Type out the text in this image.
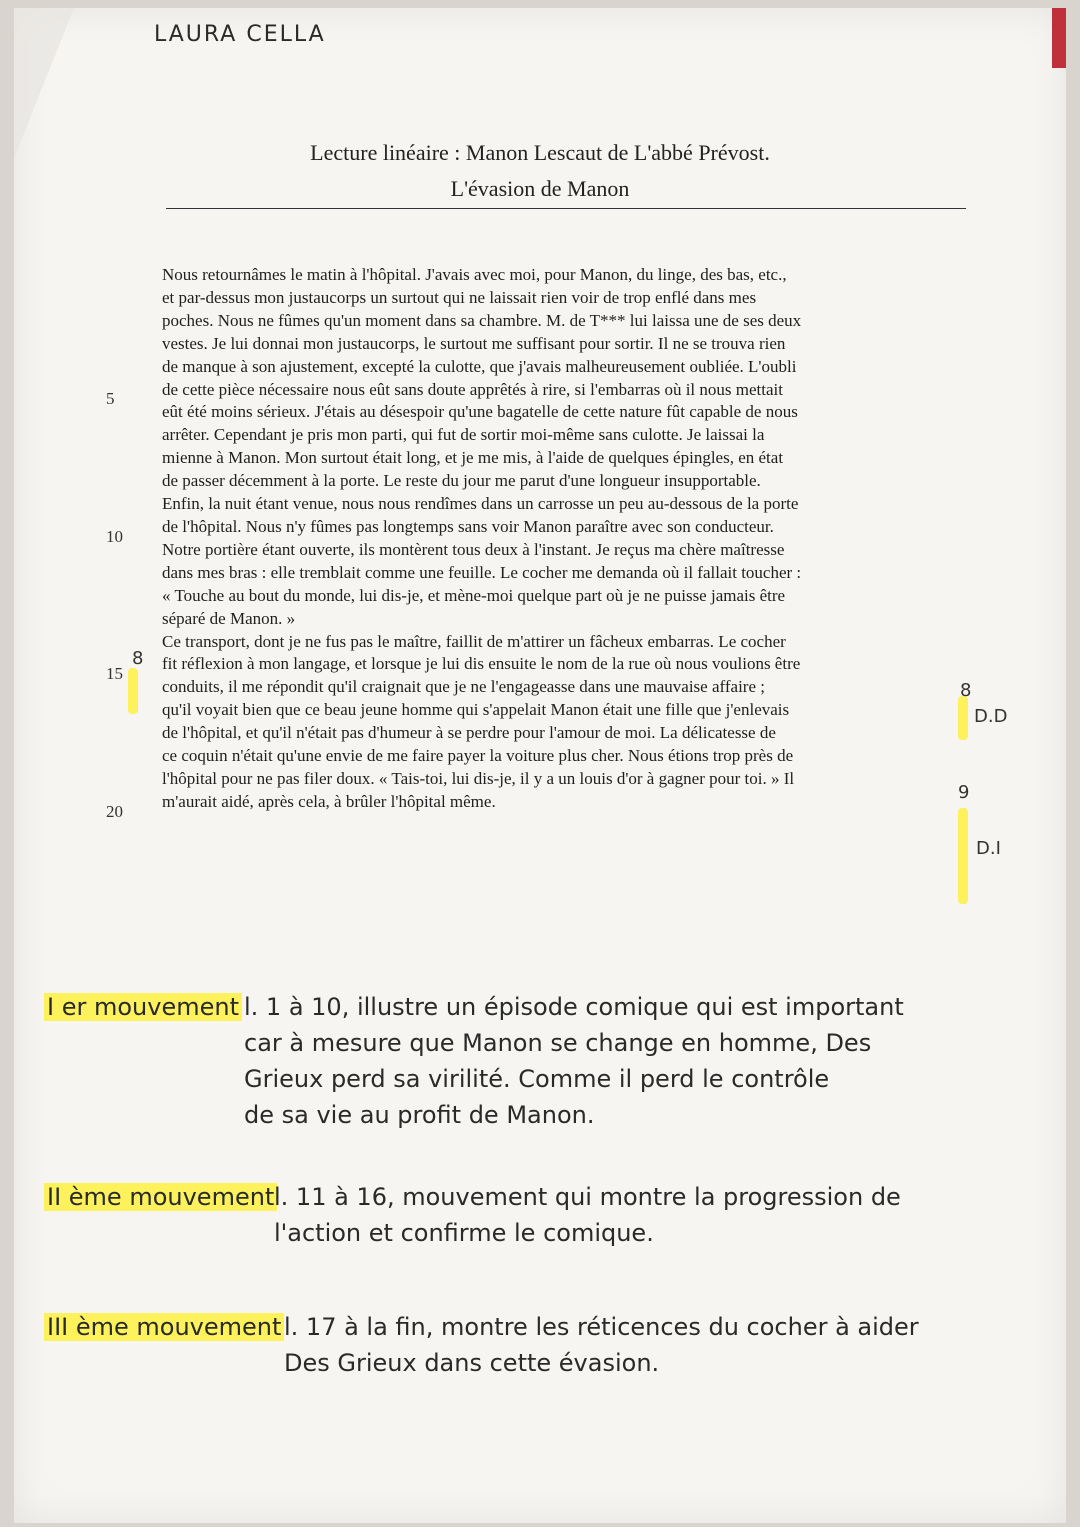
LAURA CELLA
Lecture linéaire : Manon Lescaut de L'abbé Prévost.
L'évasion de Manon

Nous retournâmes le matin à l'hôpital. J'avais avec moi, pour Manon, du linge, des bas, etc.,

et par-dessus mon justaucorps un surtout qui ne laissait rien voir de trop enflé dans mes

poches. Nous ne fûmes qu'un moment dans sa chambre. M. de T*** lui laissa une de ses deux

vestes. Je lui donnai mon justaucorps, le surtout me suffisant pour sortir. Il ne se trouva rien

de manque à son ajustement, excepté la culotte, que j'avais malheureusement oubliée. L'oubli

de cette pièce nécessaire nous eût sans doute apprêtés à rire, si l'embarras où il nous mettait

eût été moins sérieux. J'étais au désespoir qu'une bagatelle de cette nature fût capable de nous

arrêter. Cependant je pris mon parti, qui fut de sortir moi-même sans culotte. Je laissai la

mienne à Manon. Mon surtout était long, et je me mis, à l'aide de quelques épingles, en état

de passer décemment à la porte. Le reste du jour me parut d'une longueur insupportable.

Enfin, la nuit étant venue, nous nous rendîmes dans un carrosse un peu au-dessous de la porte

de l'hôpital. Nous n'y fûmes pas longtemps sans voir Manon paraître avec son conducteur.

Notre portière étant ouverte, ils montèrent tous deux à l'instant. Je reçus ma chère maîtresse

dans mes bras : elle tremblait comme une feuille. Le cocher me demanda où il fallait toucher :

« Touche au bout du monde, lui dis-je, et mène-moi quelque part où je ne puisse jamais être

séparé de Manon. »

Ce transport, dont je ne fus pas le maître, faillit de m'attirer un fâcheux embarras. Le cocher

fit réflexion à mon langage, et lorsque je lui dis ensuite le nom de la rue où nous voulions être

conduits, il me répondit qu'il craignait que je ne l'engageasse dans une mauvaise affaire ;

qu'il voyait bien que ce beau jeune homme qui s'appelait Manon était une fille que j'enlevais

de l'hôpital, et qu'il n'était pas d'humeur à se perdre pour l'amour de moi. La délicatesse de

ce coquin n'était qu'une envie de me faire payer la voiture plus cher. Nous étions trop près de

l'hôpital pour ne pas filer doux. « Tais-toi, lui dis-je, il y a un louis d'or à gagner pour toi. » Il

m'aurait aidé, après cela, à brûler l'hôpital même.

5
10
15
20
8
8
D.D
9
D.I
I er mouvement l. 1 à 10, illustre un épisode comique qui est important
car à mesure que Manon se change en homme, Des
Grieux perd sa virilité. Comme il perd le contrôle
de sa vie au profit de Manon.
II ème mouvement l. 11 à 16, mouvement qui montre la progression de
l'action et confirme le comique.
III ème mouvement l. 17 à la fin, montre les réticences du cocher à aider
Des Grieux dans cette évasion.
